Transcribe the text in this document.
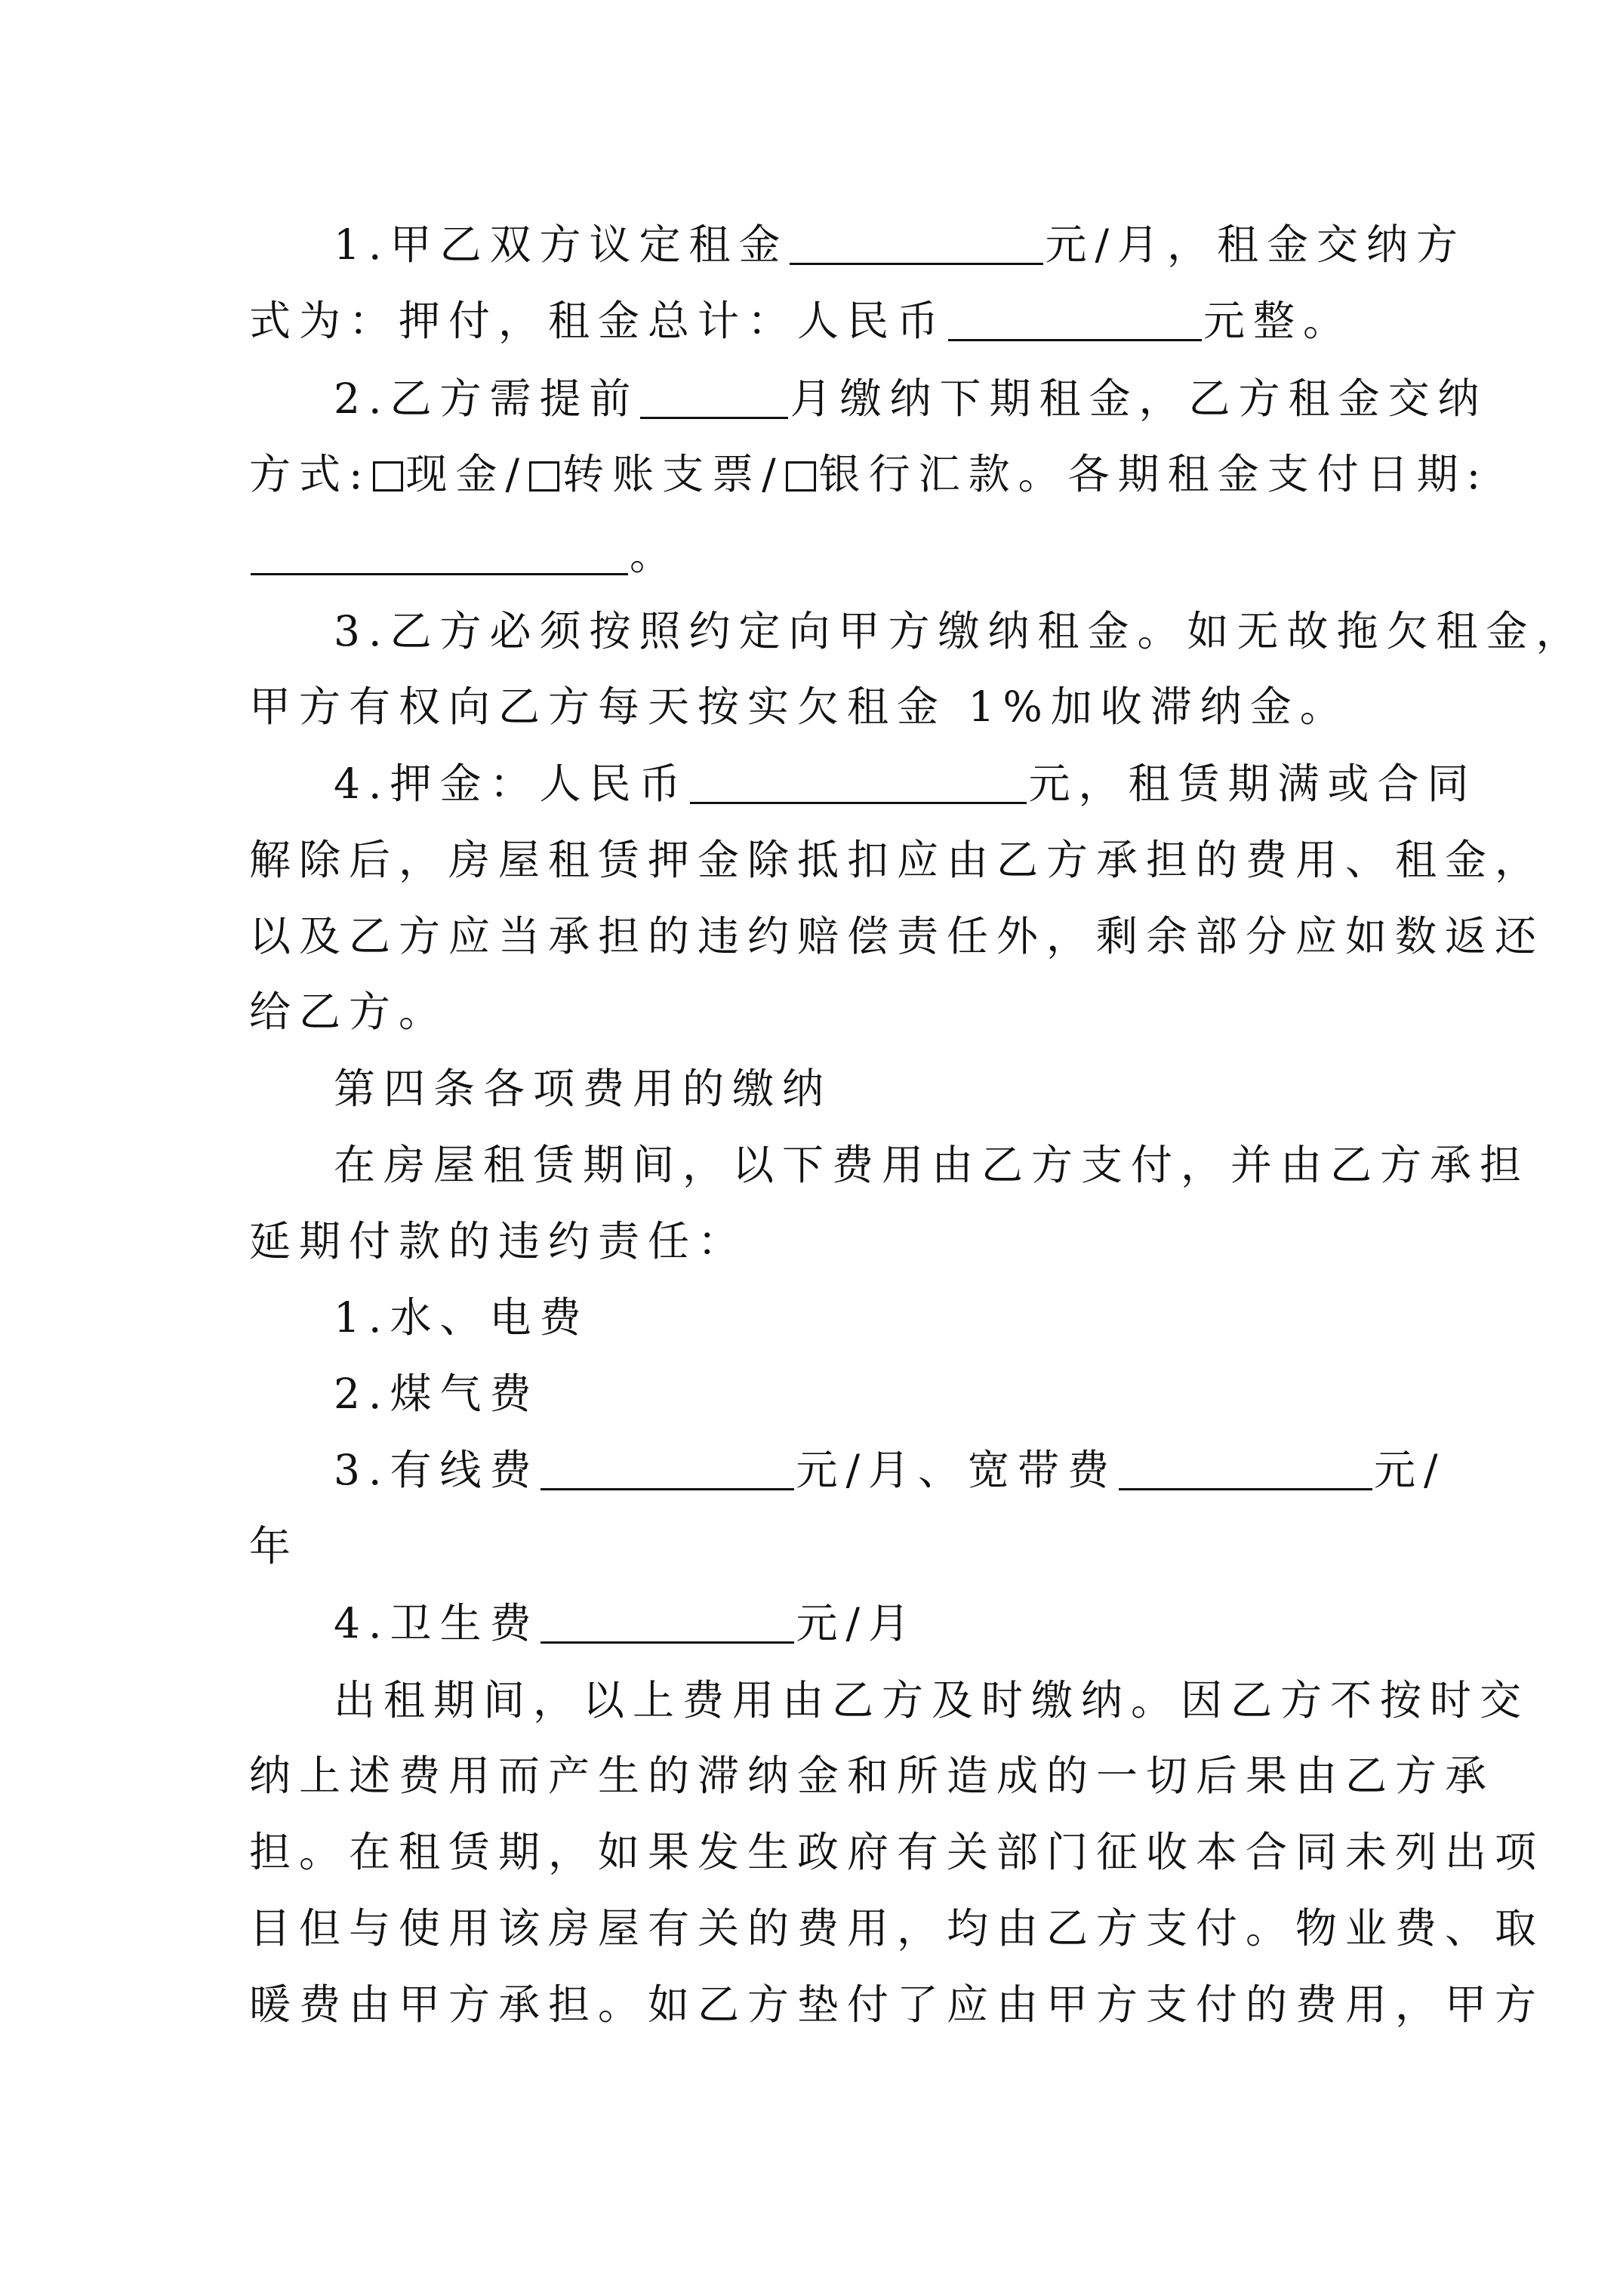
1.甲乙双方议定租金	元/月，租金交纳方
式为：押付，租金总计：人民币	元整。
2.乙方需提前	月缴纳下期租金，乙方租金交纳
方式: 现金/ 转账支票/ 银行汇款。各期租金支付日期:
。
3.乙方必须按照约定向甲方缴纳租金。如无故拖欠租金，
甲方有权向乙方每天按实欠租金 1%加收滞纳金。
4.押金：人民币	元，租赁期满或合同
解除后，房屋租赁押金除抵扣应由乙方承担的费用、租金，
以及乙方应当承担的违约赔偿责任外，剩余部分应如数返还
给乙方。
第四条各项费用的缴纳
在房屋租赁期间，以下费用由乙方支付，并由乙方承担
延期付款的违约责任：
1.水、电费
2.煤气费
3.有线费	元/月、宽带费	元/
年
4.卫生费	元/月
出租期间，以上费用由乙方及时缴纳。因乙方不按时交
纳上述费用而产生的滞纳金和所造成的一切后果由乙方承
担。在租赁期，如果发生政府有关部门征收本合同未列出项
目但与使用该房屋有关的费用，均由乙方支付。物业费、取
暖费由甲方承担。如乙方垫付了应由甲方支付的费用，甲方
